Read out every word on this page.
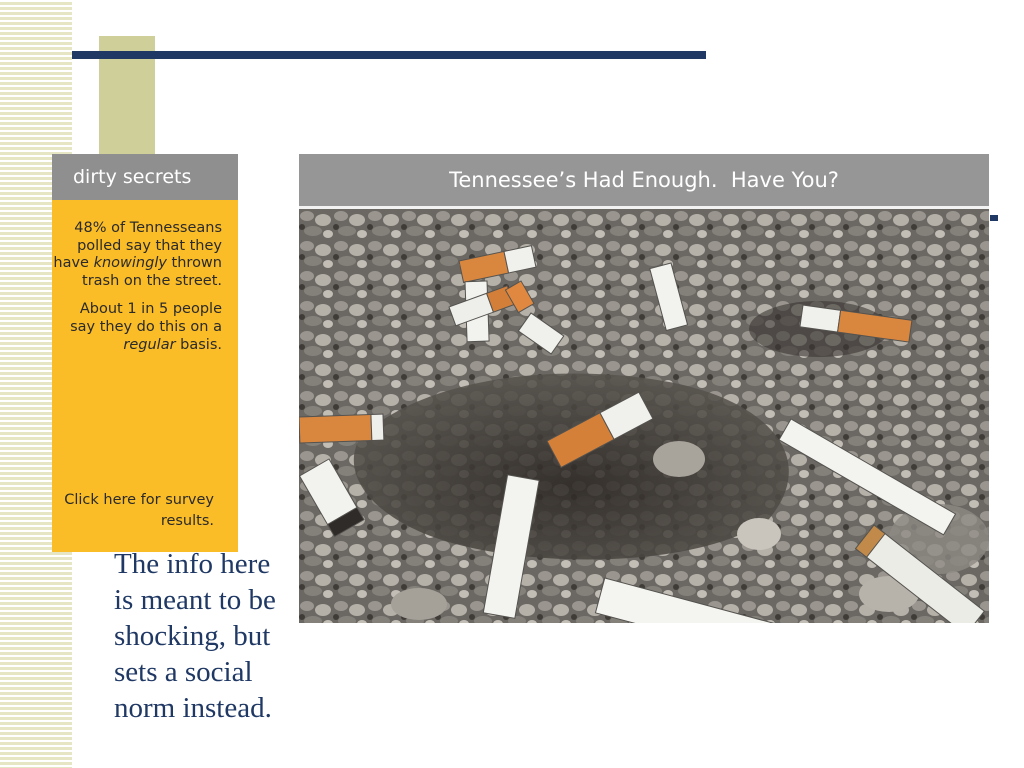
dirty secrets

48% of Tennesseans polled say that they have knowingly thrown trash on the street.

About 1 in 5 people say they do this on a regular basis.

Click here for survey results.

Tennessee’s Had Enough.  Have You?
The info here
is meant to be
shocking, but
sets a social
norm instead.
